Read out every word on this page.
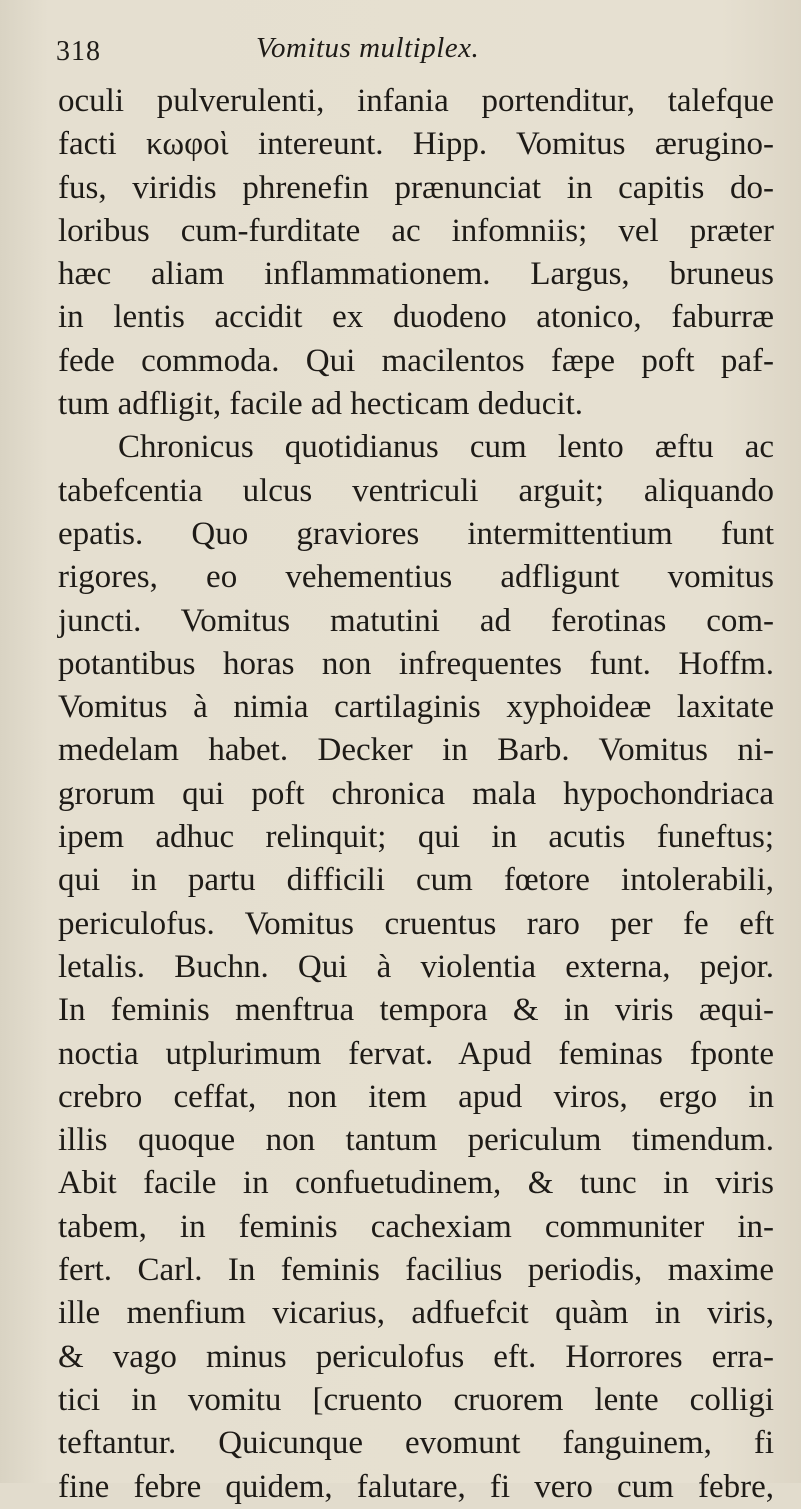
318	Vomitus multiplex.
oculi pulverulenti, infania portenditur, talefque
facti κωφοὶ intereunt. Hipp. Vomitus ærugino-
fus, viridis phrenefin prænunciat in capitis do-
loribus cum-furditate ac infomniis; vel præter
hæc aliam inflammationem. Largus, bruneus
in lentis accidit ex duodeno atonico, faburræ
fede commoda. Qui macilentos fæpe poft paf-
tum adfligit, facile ad hecticam deducit.
Chronicus quotidianus cum lento æftu ac
tabefcentia ulcus ventriculi arguit; aliquando
epatis. Quo graviores intermittentium funt
rigores, eo vehementius adfligunt vomitus
juncti. Vomitus matutini ad ferotinas com-
potantibus horas non infrequentes funt. Hoffm.
Vomitus à nimia cartilaginis xyphoideæ laxitate
medelam habet. Decker in Barb. Vomitus ni-
grorum qui poft chronica mala hypochondriaca
ipem adhuc relinquit; qui in acutis funeftus;
qui in partu difficili cum fœtore intolerabili,
periculofus. Vomitus cruentus raro per fe eft
letalis. Buchn. Qui à violentia externa, pejor.
In feminis menftrua tempora & in viris æqui-
noctia utplurimum fervat. Apud feminas fponte
crebro ceffat, non item apud viros, ergo in
illis quoque non tantum periculum timendum.
Abit facile in confuetudinem, & tunc in viris
tabem, in feminis cachexiam communiter in-
fert. Carl. In feminis facilius periodis, maxime
ille menfium vicarius, adfuefcit quàm in viris,
& vago minus periculofus eft. Horrores erra-
tici in vomitu [cruento cruorem lente colligi
teftantur. Quicunque evomunt fanguinem, fi
fine febre quidem, falutare, fi vero cum febre,
